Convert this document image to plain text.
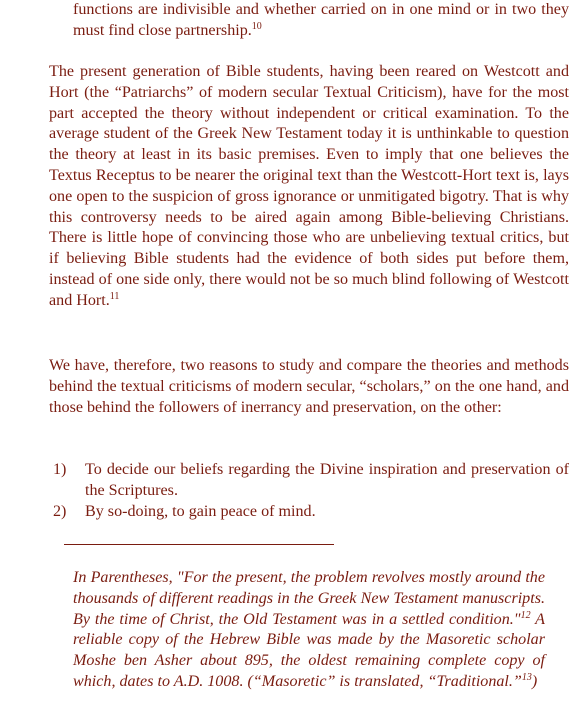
functions are indivisible and whether carried on in one mind or in two they must find close partnership.$^{10}$

The present generation of Bible students, having been reared on Westcott and Hort (the “Patriarchs” of modern secular Textual Criticism), have for the most part accepted the theory without independent or critical examination. To the average student of the Greek New Testament today it is unthinkable to question the theory at least in its basic premises. Even to imply that one believes the Textus Receptus to be nearer the original text than the Westcott-Hort text is, lays one open to the suspicion of gross ignorance or unmitigated bigotry. That is why this controversy needs to be aired again among Bible-believing Christians. There is little hope of convincing those who are unbelieving textual critics, but if believing Bible students had the evidence of both sides put before them, instead of one side only, there would not be so much blind following of Westcott and Hort.$^{11}$

We have, therefore, two reasons to study and compare the theories and methods behind the textual criticisms of modern secular, “scholars,” on the one hand, and those behind the followers of inerrancy and preservation, on the other:

1) To decide our beliefs regarding the Divine inspiration and preservation of the Scriptures.
2) By so-doing, to gain peace of mind.

In Parentheses, "For the present, the problem revolves mostly around the thousands of different readings in the Greek New Testament manuscripts. By the time of Christ, the Old Testament was in a settled condition."$^{12}$ A reliable copy of the Hebrew Bible was made by the Masoretic scholar Moshe ben Asher about 895, the oldest remaining complete copy of which, dates to A.D. 1008. (“Masoretic” is translated, “Traditional.”$^{13}$)
